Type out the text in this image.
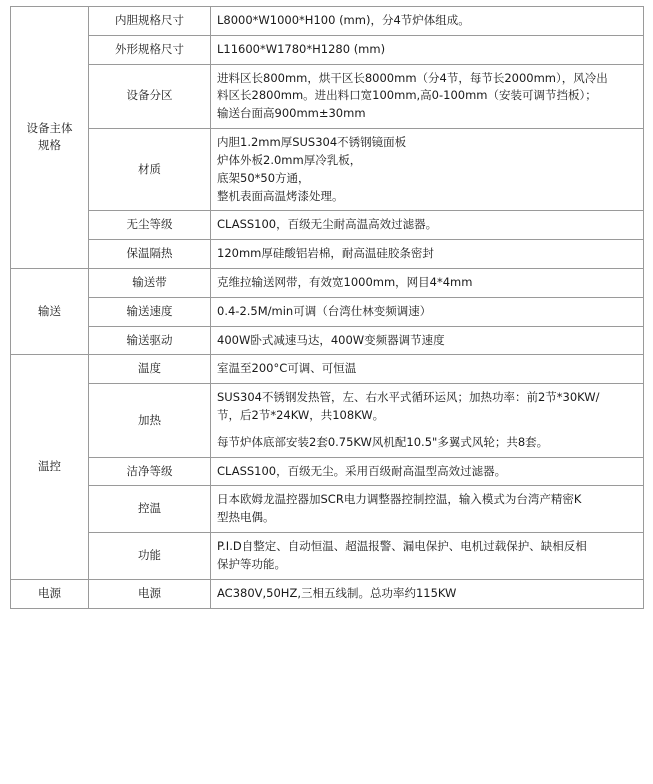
设备主体
规格	内胆规格尺寸	L8000*W1000*H100 (mm)，分4节炉体组成。

	外形规格尺寸	L11600*W1780*H1280 (mm)

	设备分区	进料区长800mm，烘干区长8000mm（分4节，每节长2000mm），风冷出
料区长2800mm。进出料口宽100mm,高0-100mm（安装可调节挡板）；
输送台面高900mm±30mm

	材质	内胆1.2mm厚SUS304不锈钢镜面板
炉体外板2.0mm厚冷乳板，
底架50*50方通，
整机表面高温烤漆处理。

	无尘等级	CLASS100，百级无尘耐高温高效过滤器。

	保温隔热	120mm厚硅酸铝岩棉，耐高温硅胶条密封

输送	输送带	克维拉输送网带，有效宽1000mm，网目4*4mm

	输送速度	0.4-2.5M/min可调（台湾仕林变频调速）

	输送驱动	400W卧式减速马达，400W变频器调节速度

温控	温度	室温至200°C可调、可恒温

	加热	SUS304不锈钢发热管，左、右水平式循环运风；加热功率：前2节*30KW/
节，后2节*24KW，共108KW。
每节炉体底部安装2套0.75KW风机配10.5"多翼式风轮；共8套。

	洁净等级	CLASS100，百级无尘。采用百级耐高温型高效过滤器。

	控温	日本欧姆龙温控器加SCR电力调整器控制控温，输入模式为台湾产精密K
型热电偶。

	功能	P.I.D自整定、自动恒温、超温报警、漏电保护、电机过载保护、缺相反相
保护等功能。

电源	电源	AC380V,50HZ,三相五线制。总功率约115KW
